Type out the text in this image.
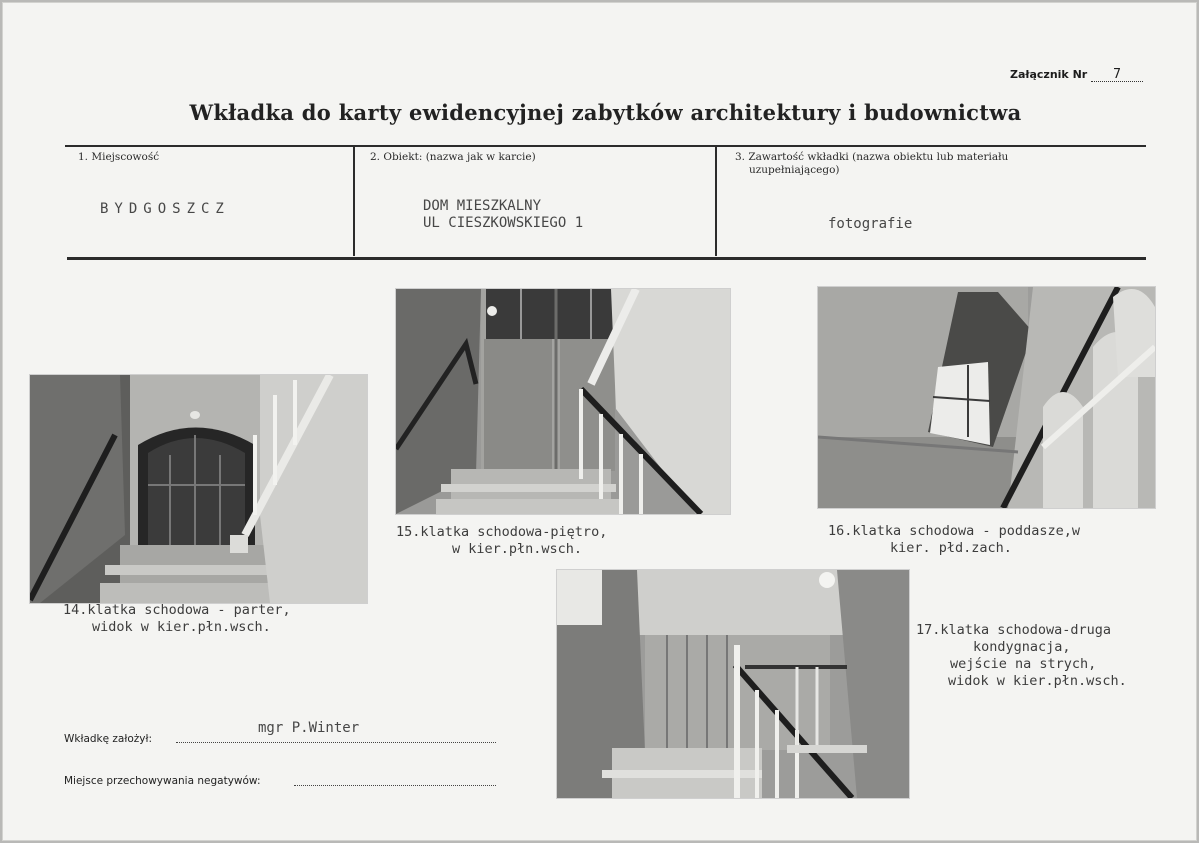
Załącznik Nr 7
Wkładka do karty ewidencyjnej zabytków architektury i budownictwa
1. Miejscowość
BYDGOSZCZ
2. Obiekt: (nazwa jak w karcie)
DOM MIESZKALNY
UL CIESZKOWSKIEGO 1
3. Zawartość wkładki (nazwa obiektu lub materiału
uzupełniającego)
fotografie
14.klatka schodowa - parter,
widok w kier.płn.wsch.
15.klatka schodowa-piętro,
w kier.płn.wsch.
16.klatka schodowa - poddasze,w
kier. płd.zach.
17.klatka schodowa-druga
kondygnacja,
wejście na strych,
widok w kier.płn.wsch.
Wkładkę założył:
mgr P.Winter
Miejsce przechowywania negatywów:
